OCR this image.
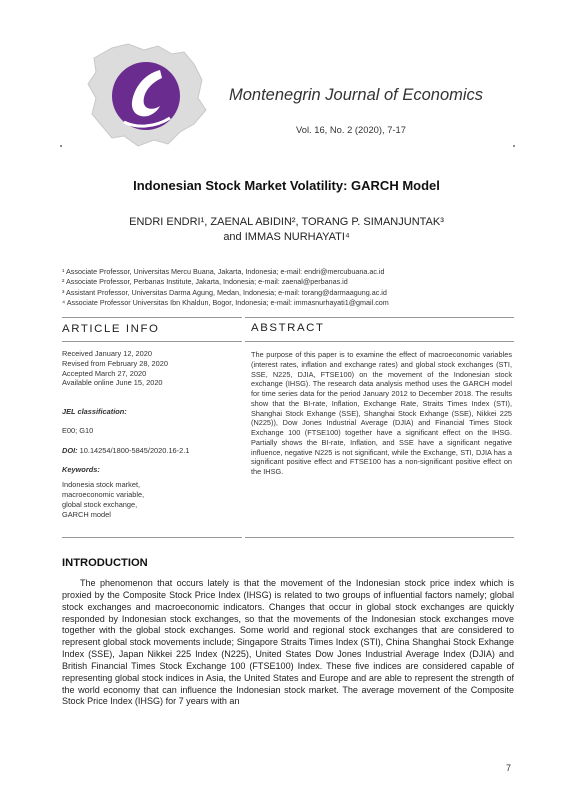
Montenegrin Journal of Economics
Vol. 16, No. 2 (2020), 7-17
Indonesian Stock Market Volatility: GARCH Model
ENDRI ENDRI¹, ZAENAL ABIDIN², TORANG P. SIMANJUNTAK³
and IMMAS NURHAYATI⁴
¹ Associate Professor, Universitas Mercu Buana, Jakarta, Indonesia; e-mail: endri@mercubuana.ac.id
² Associate Professor, Perbanas Institute, Jakarta, Indonesia; e-mail: zaenal@perbanas.id
³ Assistant Professor, Universitas Darma Agung, Medan, Indonesia; e-mail: torang@darmaagung.ac.id
⁴ Associate Professor Universitas Ibn Khaldun, Bogor, Indonesia; e-mail: immasnurhayati1@gmail.com
ARTICLE INFO	ABSTRACT
Received January 12, 2020
Revised from February 28, 2020
Accepted March 27, 2020
Available online June 15, 2020
JEL classification:
E00; G10
DOI: 10.14254/1800-5845/2020.16-2.1
Keywords:
Indonesia stock market,
macroeconomic variable,
global stock exchange,
GARCH model
The purpose of this paper is to examine the effect of macroeconomic variables (interest rates, inflation and exchange rates) and global stock exchanges (STI, SSE, N225, DJIA, FTSE100) on the movement of the Indonesian stock exchange (IHSG). The research data analysis method uses the GARCH model for time series data for the period January 2012 to December 2018. The results show that the BI-rate, Inflation, Exchange Rate, Straits Times Index (STI), Shanghai Stock Exhange (SSE), Shanghai Stock Exhange (SSE), Nikkei 225 (N225)), Dow Jones Industrial Average (DJIA) and Financial Times Stock Exchange 100 (FTSE100) together have a significant effect on the IHSG. Partially shows the BI-rate, Inflation, and SSE have a significant negative influence, negative N225 is not significant, while the Exchange, STI, DJIA has a significant positive effect and FTSE100 has a non-significant positive effect on the IHSG.
INTRODUCTION
The phenomenon that occurs lately is that the movement of the Indonesian stock price index which is proxied by the Composite Stock Price Index (IHSG) is related to two groups of influential factors namely; global stock exchanges and macroeconomic indicators. Changes that occur in global stock exchanges are quickly responded by Indonesian stock exchanges, so that the movements of the Indonesian stock exchanges move together with the global stock exchanges. Some world and regional stock exchanges that are considered to represent global stock movements include; Singapore Straits Times Index (STI), China Shanghai Stock Exhange Index (SSE), Japan Nikkei 225 Index (N225), United States Dow Jones Industrial Average Index (DJIA) and British Financial Times Stock Exchange 100 (FTSE100) Index. These five indices are considered capable of representing global stock indices in Asia, the United States and Europe and are able to represent the strength of the world economy that can influence the Indonesian stock market. The average movement of the Composite Stock Price Index (IHSG) for 7 years with an
7
